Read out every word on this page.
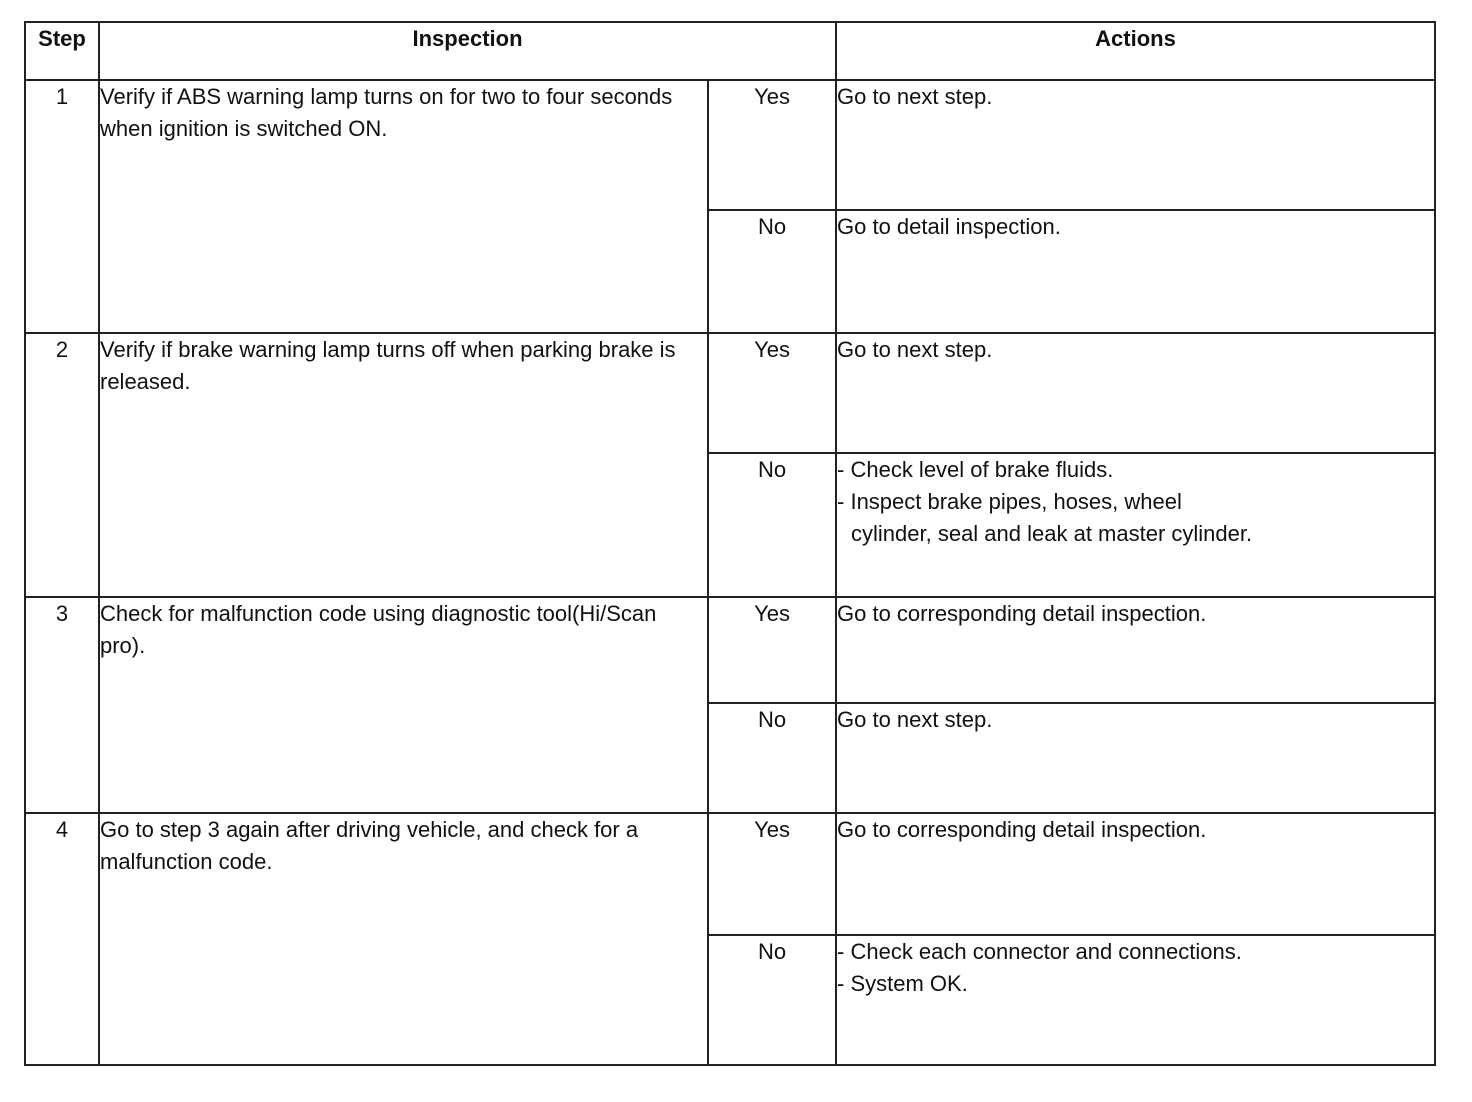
Step	Inspection		Actions
1	Verify if ABS warning lamp turns on for two to four seconds when ignition is switched ON.	Yes	Go to next step.

		No	Go to detail inspection.

2	Verify if brake warning lamp turns off when parking brake is released.	Yes	Go to next step.

		No	- Check level of brake fluids.
- Inspect brake pipes, hoses, wheel
cylinder, seal and leak at master cylinder.

3	Check for malfunction code using diagnostic tool(Hi/Scan pro).	Yes	Go to corresponding detail inspection.

		No	Go to next step.

4	Go to step 3 again after driving vehicle, and check for a malfunction code.	Yes	Go to corresponding detail inspection.

		No	- Check each connector and connections.
- System OK.
